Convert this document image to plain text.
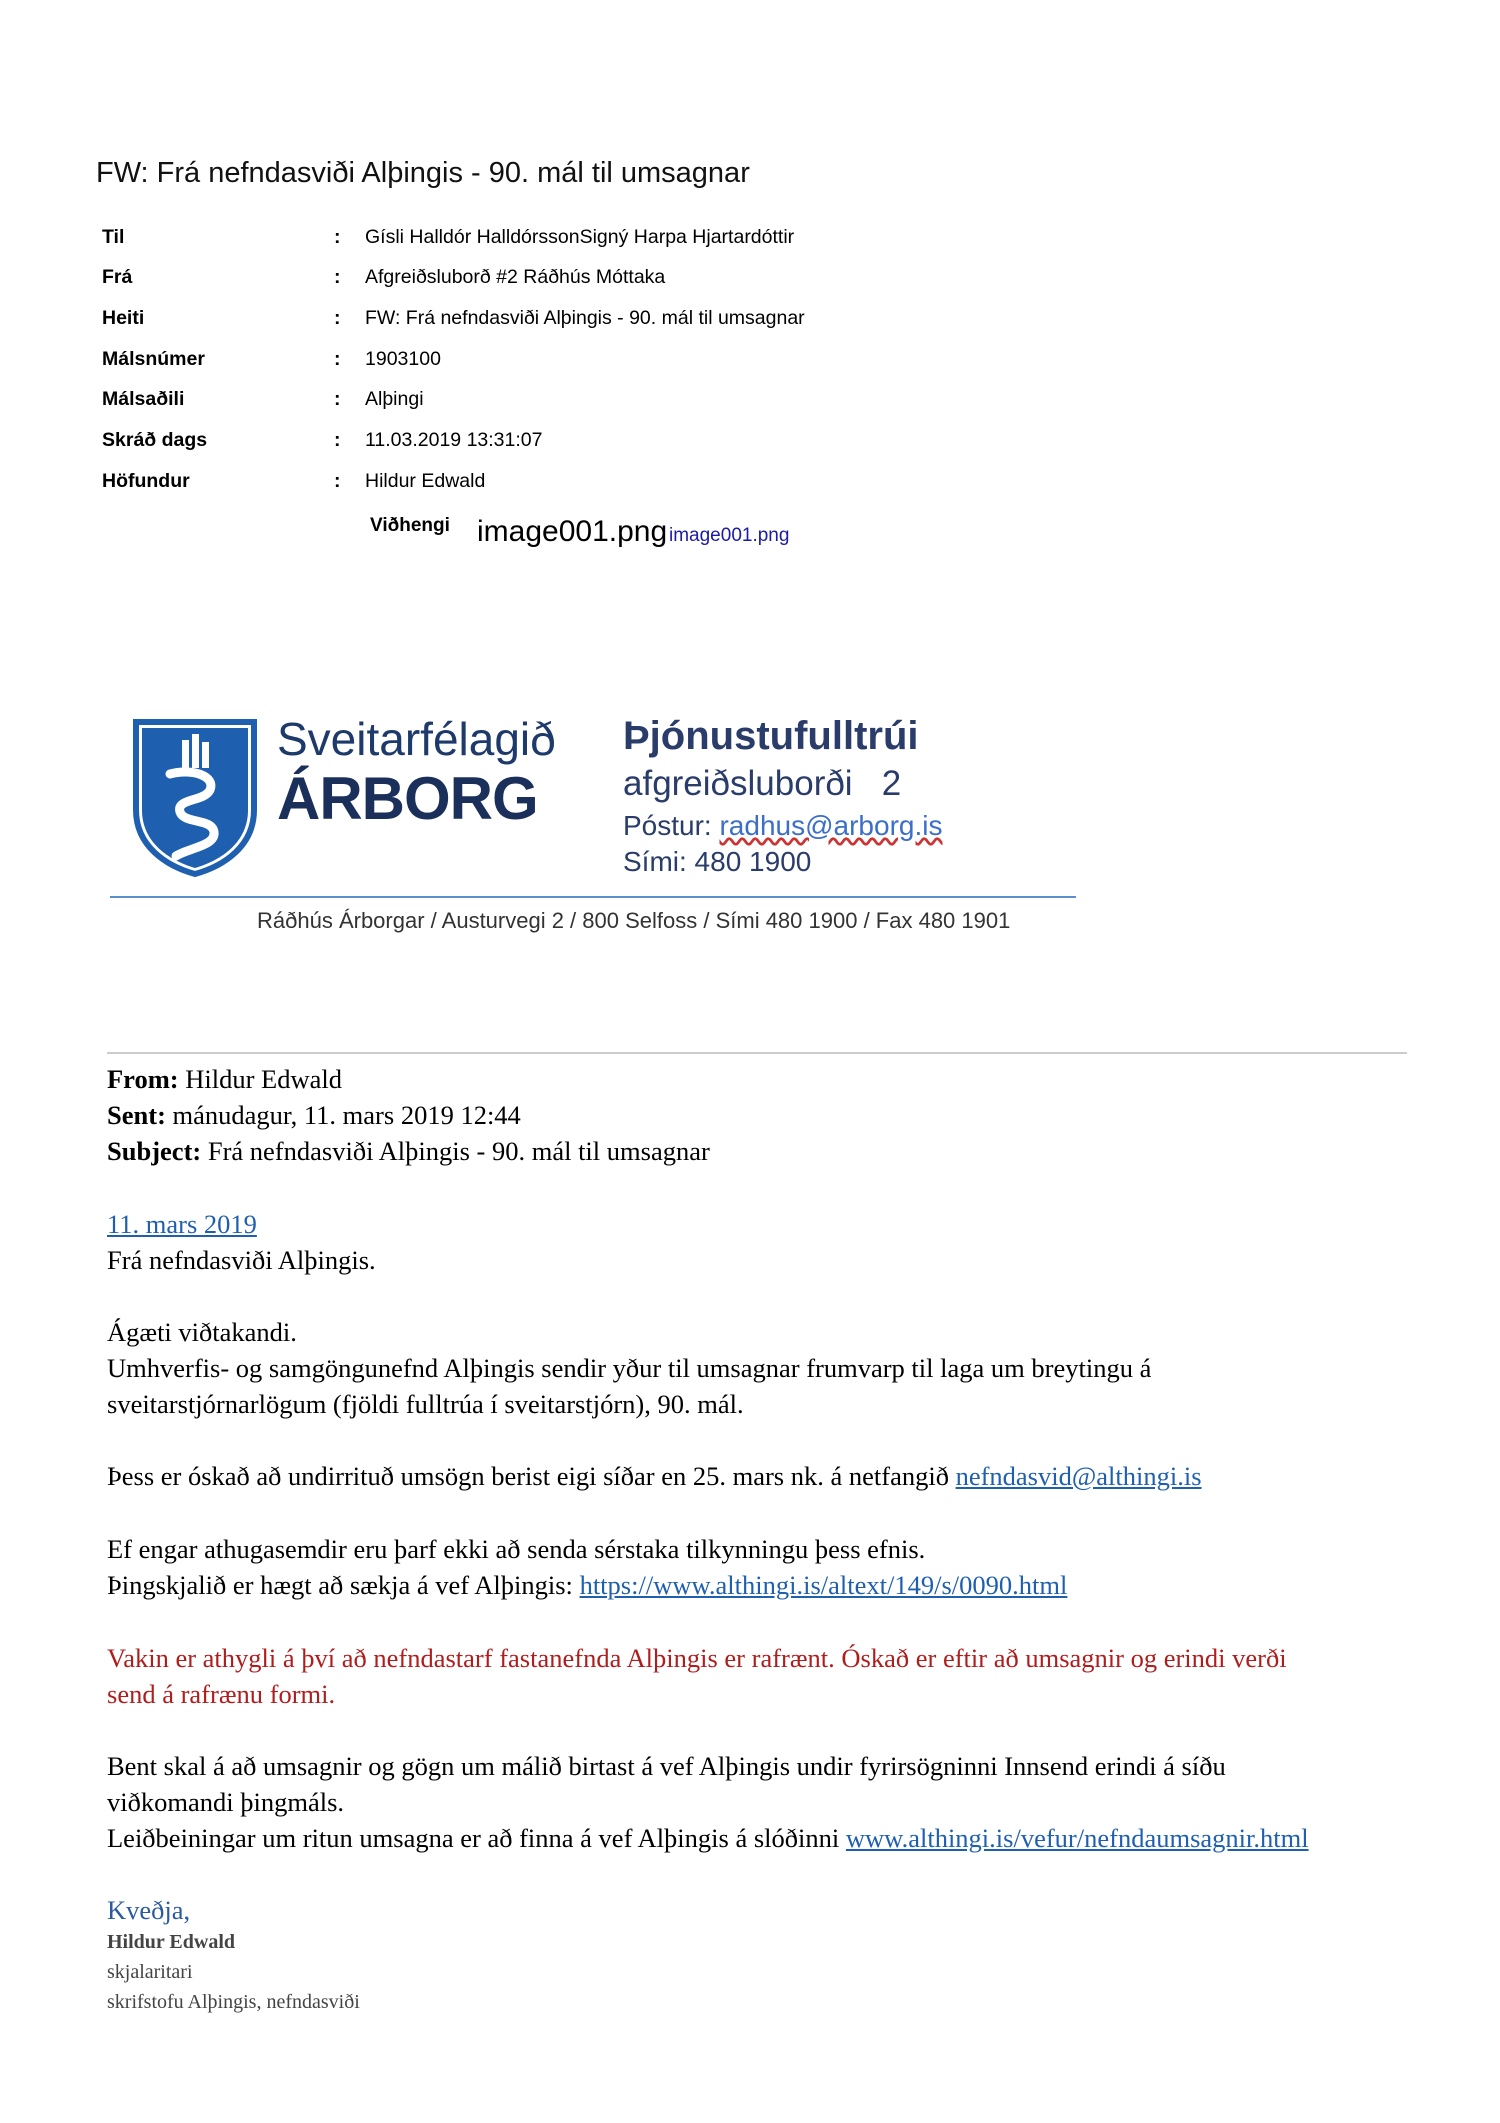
FW: Frá nefndasviði Alþingis - 90. mál til umsagnar
Til	: Gísli Halldór HalldórssonSigný Harpa Hjartardóttir
Frá	: Afgreiðsluborð #2 Ráðhús Móttaka
Heiti	: FW: Frá nefndasviði Alþingis - 90. mál til umsagnar
Málsnúmer	: 1903100
Málsaðili	: Alþingi
Skráð dags	: 11.03.2019 13:31:07
Höfundur	: Hildur Edwald
Viðhengi image001.png image001.png
Sveitarfélagið
ÁRBORG
Þjónustufulltrúi
afgreiðsluborði   2
Póstur: radhus@arborg.is
Sími: 480 1900
Ráðhús Árborgar / Austurvegi 2 / 800 Selfoss / Sími 480 1900 / Fax 480 1901
From: Hildur Edwald
Sent: mánudagur, 11. mars 2019 12:44
Subject: Frá nefndasviði Alþingis - 90. mál til umsagnar
11. mars 2019
Frá nefndasviði Alþingis.
Ágæti viðtakandi.
Umhverfis- og samgöngunefnd Alþingis sendir yður til umsagnar frumvarp til laga um breytingu á
sveitarstjórnarlögum (fjöldi fulltrúa í sveitarstjórn), 90. mál.
Þess er óskað að undirrituð umsögn berist eigi síðar en 25. mars nk. á netfangið nefndasvid@althingi.is
Ef engar athugasemdir eru þarf ekki að senda sérstaka tilkynningu þess efnis.
Þingskjalið er hægt að sækja á vef Alþingis: https://www.althingi.is/altext/149/s/0090.html
Vakin er athygli á því að nefndastarf fastanefnda Alþingis er rafrænt. Óskað er eftir að umsagnir og erindi verði
send á rafrænu formi.
Bent skal á að umsagnir og gögn um málið birtast á vef Alþingis undir fyrirsögninni Innsend erindi á síðu
viðkomandi þingmáls.
Leiðbeiningar um ritun umsagna er að finna á vef Alþingis á slóðinni www.althingi.is/vefur/nefndaumsagnir.html
Kveðja,
Hildur Edwald
skjalaritari
skrifstofu Alþingis, nefndasviði
